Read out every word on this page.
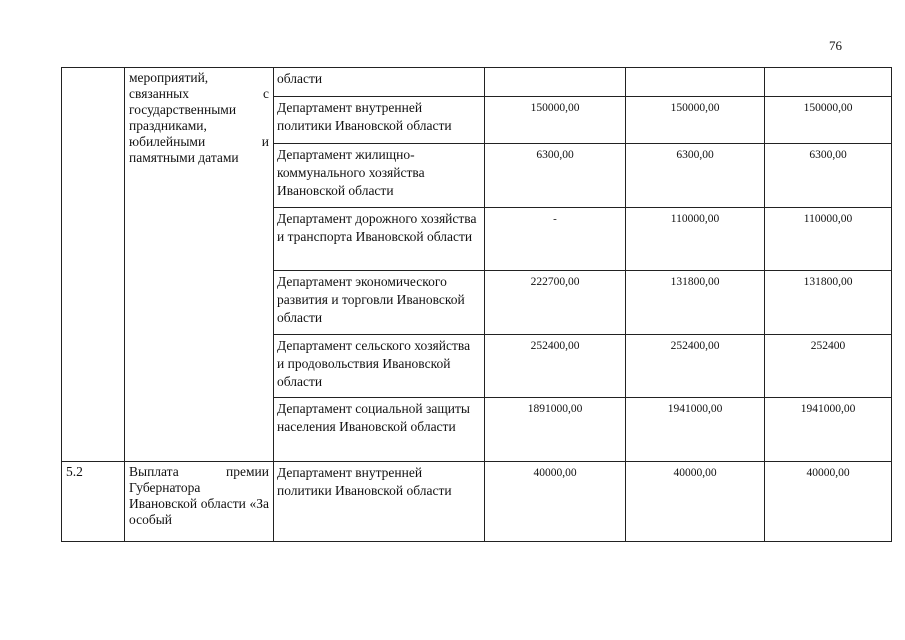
76
	мероприятий, связанных с государственными праздниками, юбилейными и памятными датами	области			
		Департамент внутренней политики Ивановской области	150000,00	150000,00	150000,00
		Департамент жилищно-коммунального хозяйства Ивановской области	6300,00	6300,00	6300,00
		Департамент дорожного хозяйства и транспорта Ивановской области	-	110000,00	110000,00
		Департамент экономического развития и торговли Ивановской области	222700,00	131800,00	131800,00
		Департамент сельского хозяйства и продовольствия Ивановской области	252400,00	252400,00	252400
		Департамент социальной защиты населения Ивановской области	1891000,00	1941000,00	1941000,00
5.2	Выплата премии Губернатора Ивановской области «За особый	Департамент внутренней политики Ивановской области	40000,00	40000,00	40000,00
